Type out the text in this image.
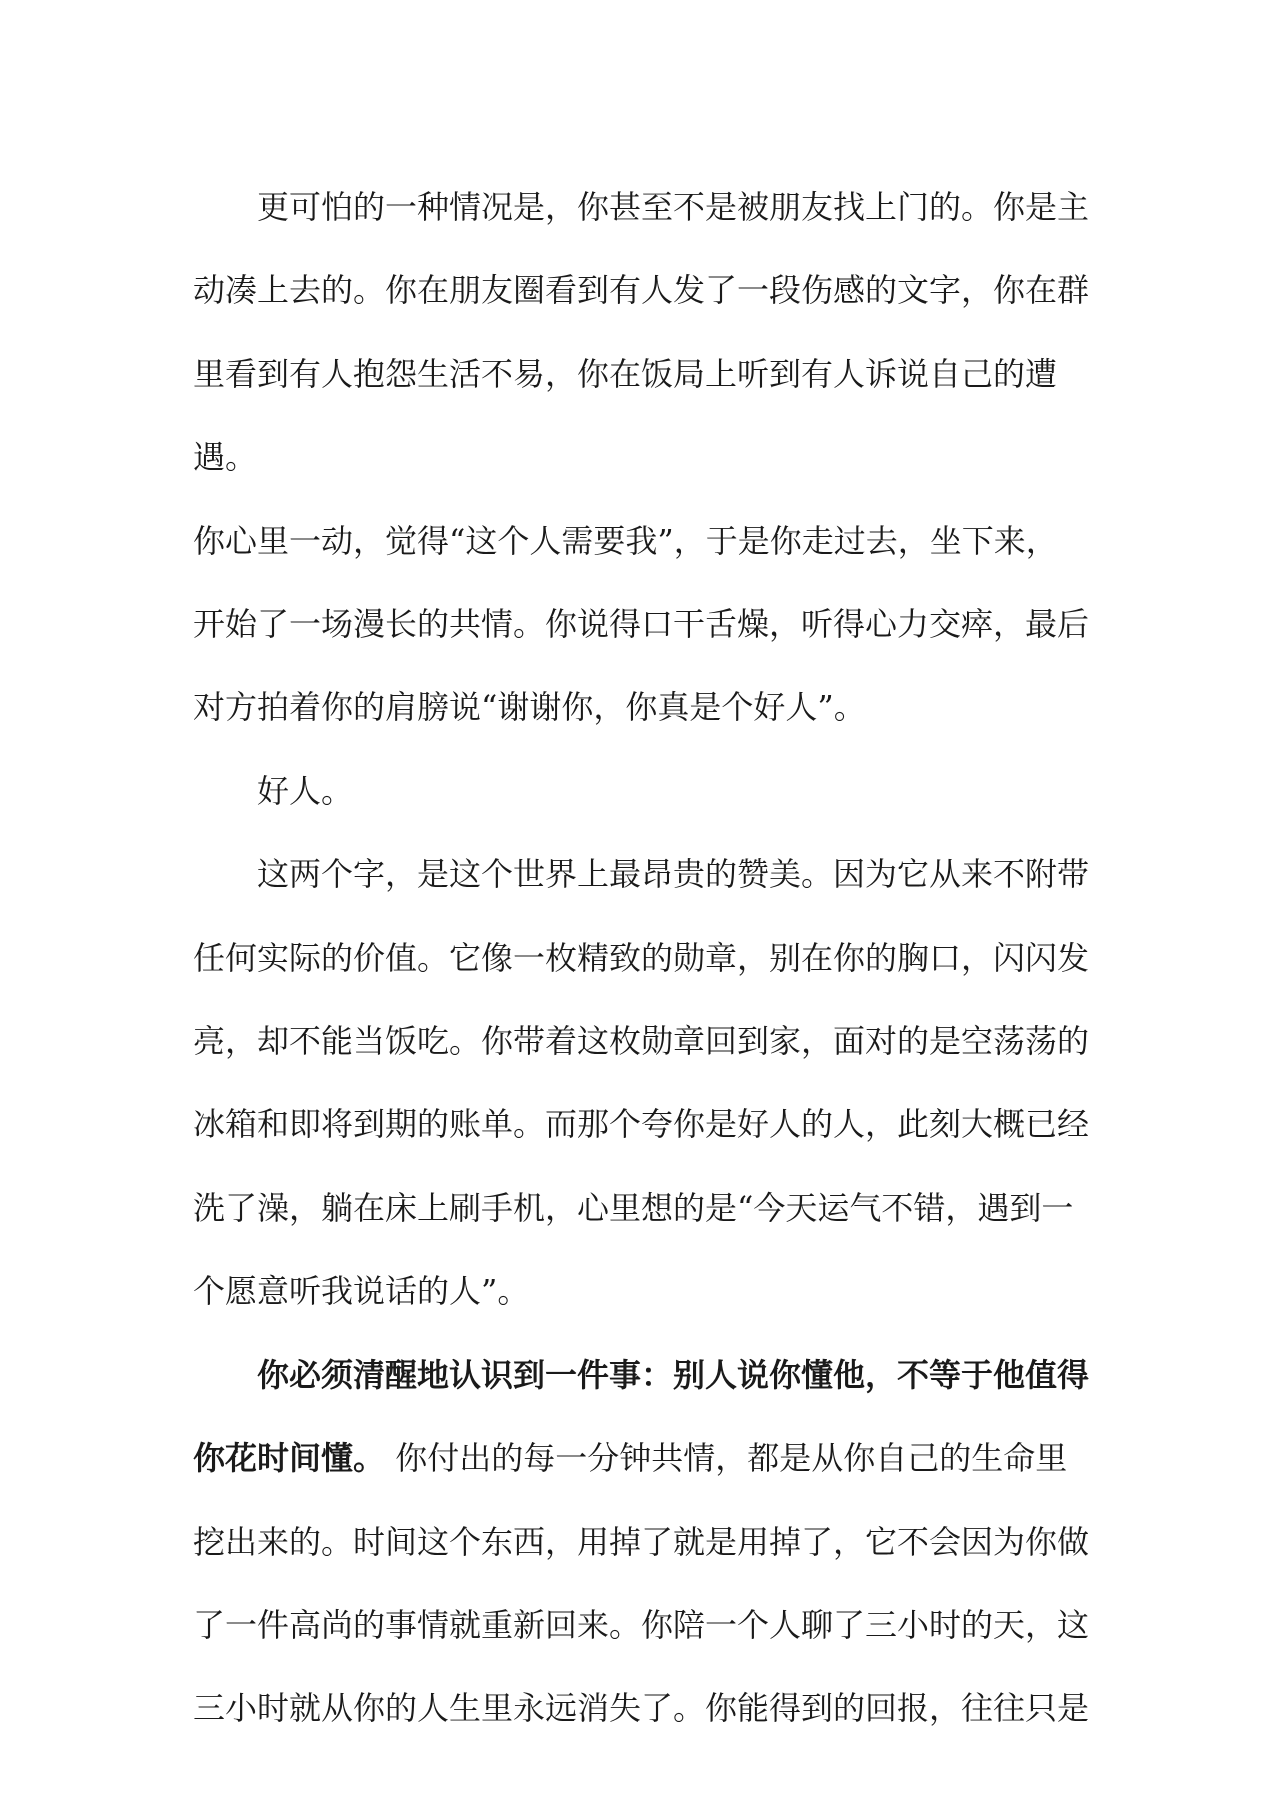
　　更可怕的一种情况是，你甚至不是被朋友找上门的。你是主
动凑上去的。你在朋友圈看到有人发了一段伤感的文字，你在群
里看到有人抱怨生活不易，你在饭局上听到有人诉说自己的遭遇。
你心里一动，觉得“这个人需要我”，于是你走过去，坐下来，
开始了一场漫长的共情。你说得口干舌燥，听得心力交瘁，最后
对方拍着你的肩膀说“谢谢你，你真是个好人”。
　　好人。
　　这两个字，是这个世界上最昂贵的赞美。因为它从来不附带
任何实际的价值。它像一枚精致的勋章，别在你的胸口，闪闪发
亮，却不能当饭吃。你带着这枚勋章回到家，面对的是空荡荡的
冰箱和即将到期的账单。而那个夸你是好人的人，此刻大概已经
洗了澡，躺在床上刷手机，心里想的是“今天运气不错，遇到一
个愿意听我说话的人”。
　　你必须清醒地认识到一件事：别人说你懂他，不等于他值得
你花时间懂。 你付出的每一分钟共情，都是从你自己的生命里
挖出来的。时间这个东西，用掉了就是用掉了，它不会因为你做
了一件高尚的事情就重新回来。你陪一个人聊了三小时的天，这
三小时就从你的人生里永远消失了。你能得到的回报，往往只是
